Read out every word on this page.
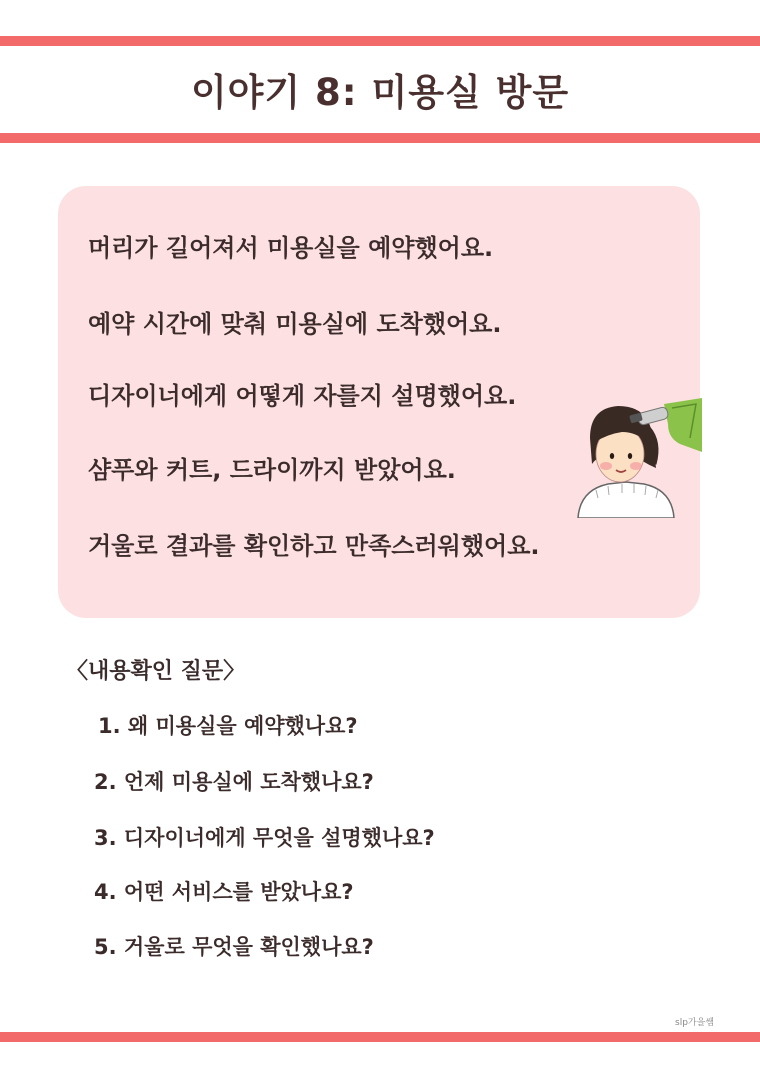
이야기 8: 미용실 방문
머리가 길어져서 미용실을 예약했어요.
예약 시간에 맞춰 미용실에 도착했어요.
디자이너에게 어떻게 자를지 설명했어요.
샴푸와 커트, 드라이까지 받았어요.
거울로 결과를 확인하고 만족스러워했어요.
〈내용확인 질문〉
1. 왜 미용실을 예약했나요?
2. 언제 미용실에 도착했나요?
3. 디자이너에게 무엇을 설명했나요?
4. 어떤 서비스를 받았나요?
5. 거울로 무엇을 확인했나요?
slp가을쌤
